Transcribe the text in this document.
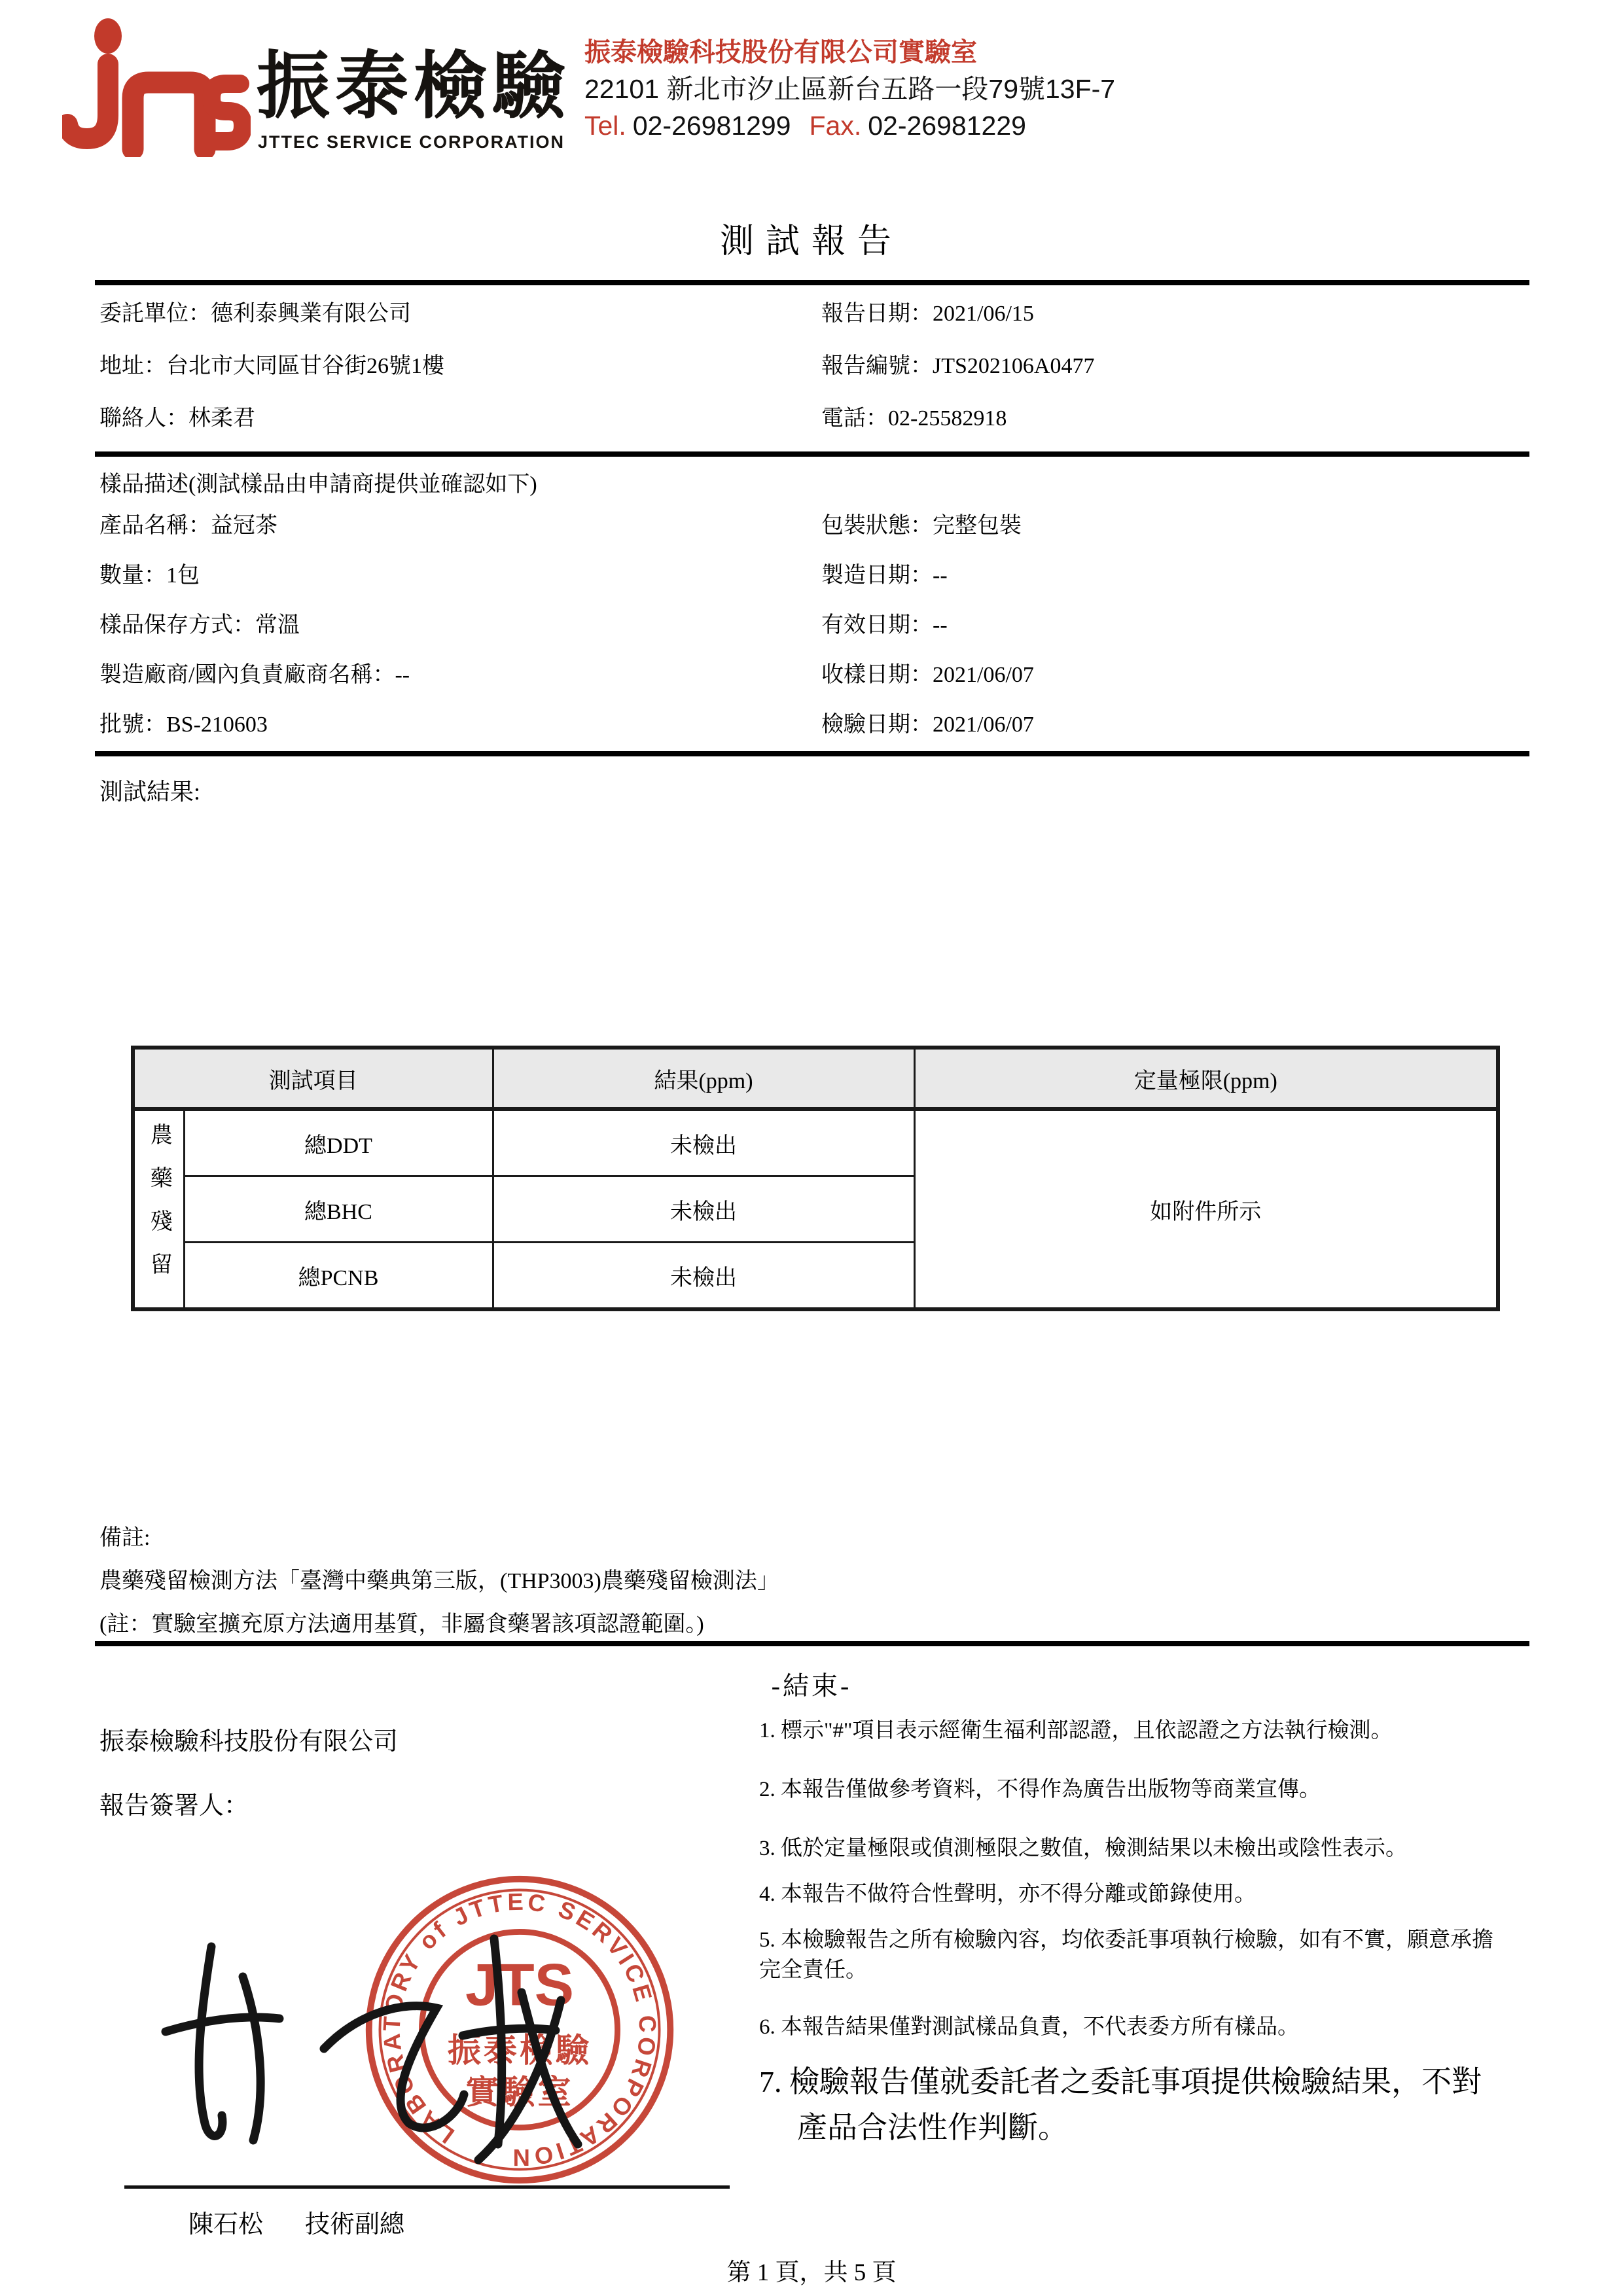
振泰檢驗
JTTEC SERVICE CORPORATION
振泰檢驗科技股份有限公司實驗室
22101 新北市汐止區新台五路一段79號13F-7
Tel. 02-26981299 Fax. 02-26981229
測試報告
委託單位：德利泰興業有限公司
地址：台北市大同區甘谷街26號1樓
聯絡人：林柔君
報告日期：2021/06/15
報告編號：JTS202106A0477
電話：02-25582918
樣品描述(測試樣品由申請商提供並確認如下)
產品名稱：益冠茶
數量：1包
樣品保存方式：常溫
製造廠商/國內負責廠商名稱：--
批號：BS-210603
包裝狀態：完整包裝
製造日期：--
有效日期：--
收樣日期：2021/06/07
檢驗日期：2021/06/07
測試結果:
測試項目		結果(ppm)	定量極限(ppm)

農藥殘留	總DDT	未檢出	如附件所示
	總BHC	未檢出	
	總PCNB	未檢出	
備註:
農藥殘留檢測方法「臺灣中藥典第三版，(THP3003)農藥殘留檢測法」
(註：實驗室擴充原方法適用基質，非屬食藥署該項認證範圍。)
-結束-
振泰檢驗科技股份有限公司
報告簽署人：
1. 標示"#"項目表示經衛生福利部認證，且依認證之方法執行檢測。
2. 本報告僅做參考資料，不得作為廣告出版物等商業宣傳。
3. 低於定量極限或偵測極限之數值，檢測結果以未檢出或陰性表示。
4. 本報告不做符合性聲明，亦不得分離或節錄使用。
5. 本檢驗報告之所有檢驗內容，均依委託事項執行檢驗，如有不實，願意承擔完全責任。
6. 本報告結果僅對測試樣品負責，不代表委方所有樣品。
7. 檢驗報告僅就委託者之委託事項提供檢驗結果，不對產品合法性作判斷。
LABORATORY of JTTEC SERVICE CORPORATION
JTS
振泰檢驗
實驗室
陳石松 技術副總
第 1 頁，共 5 頁
